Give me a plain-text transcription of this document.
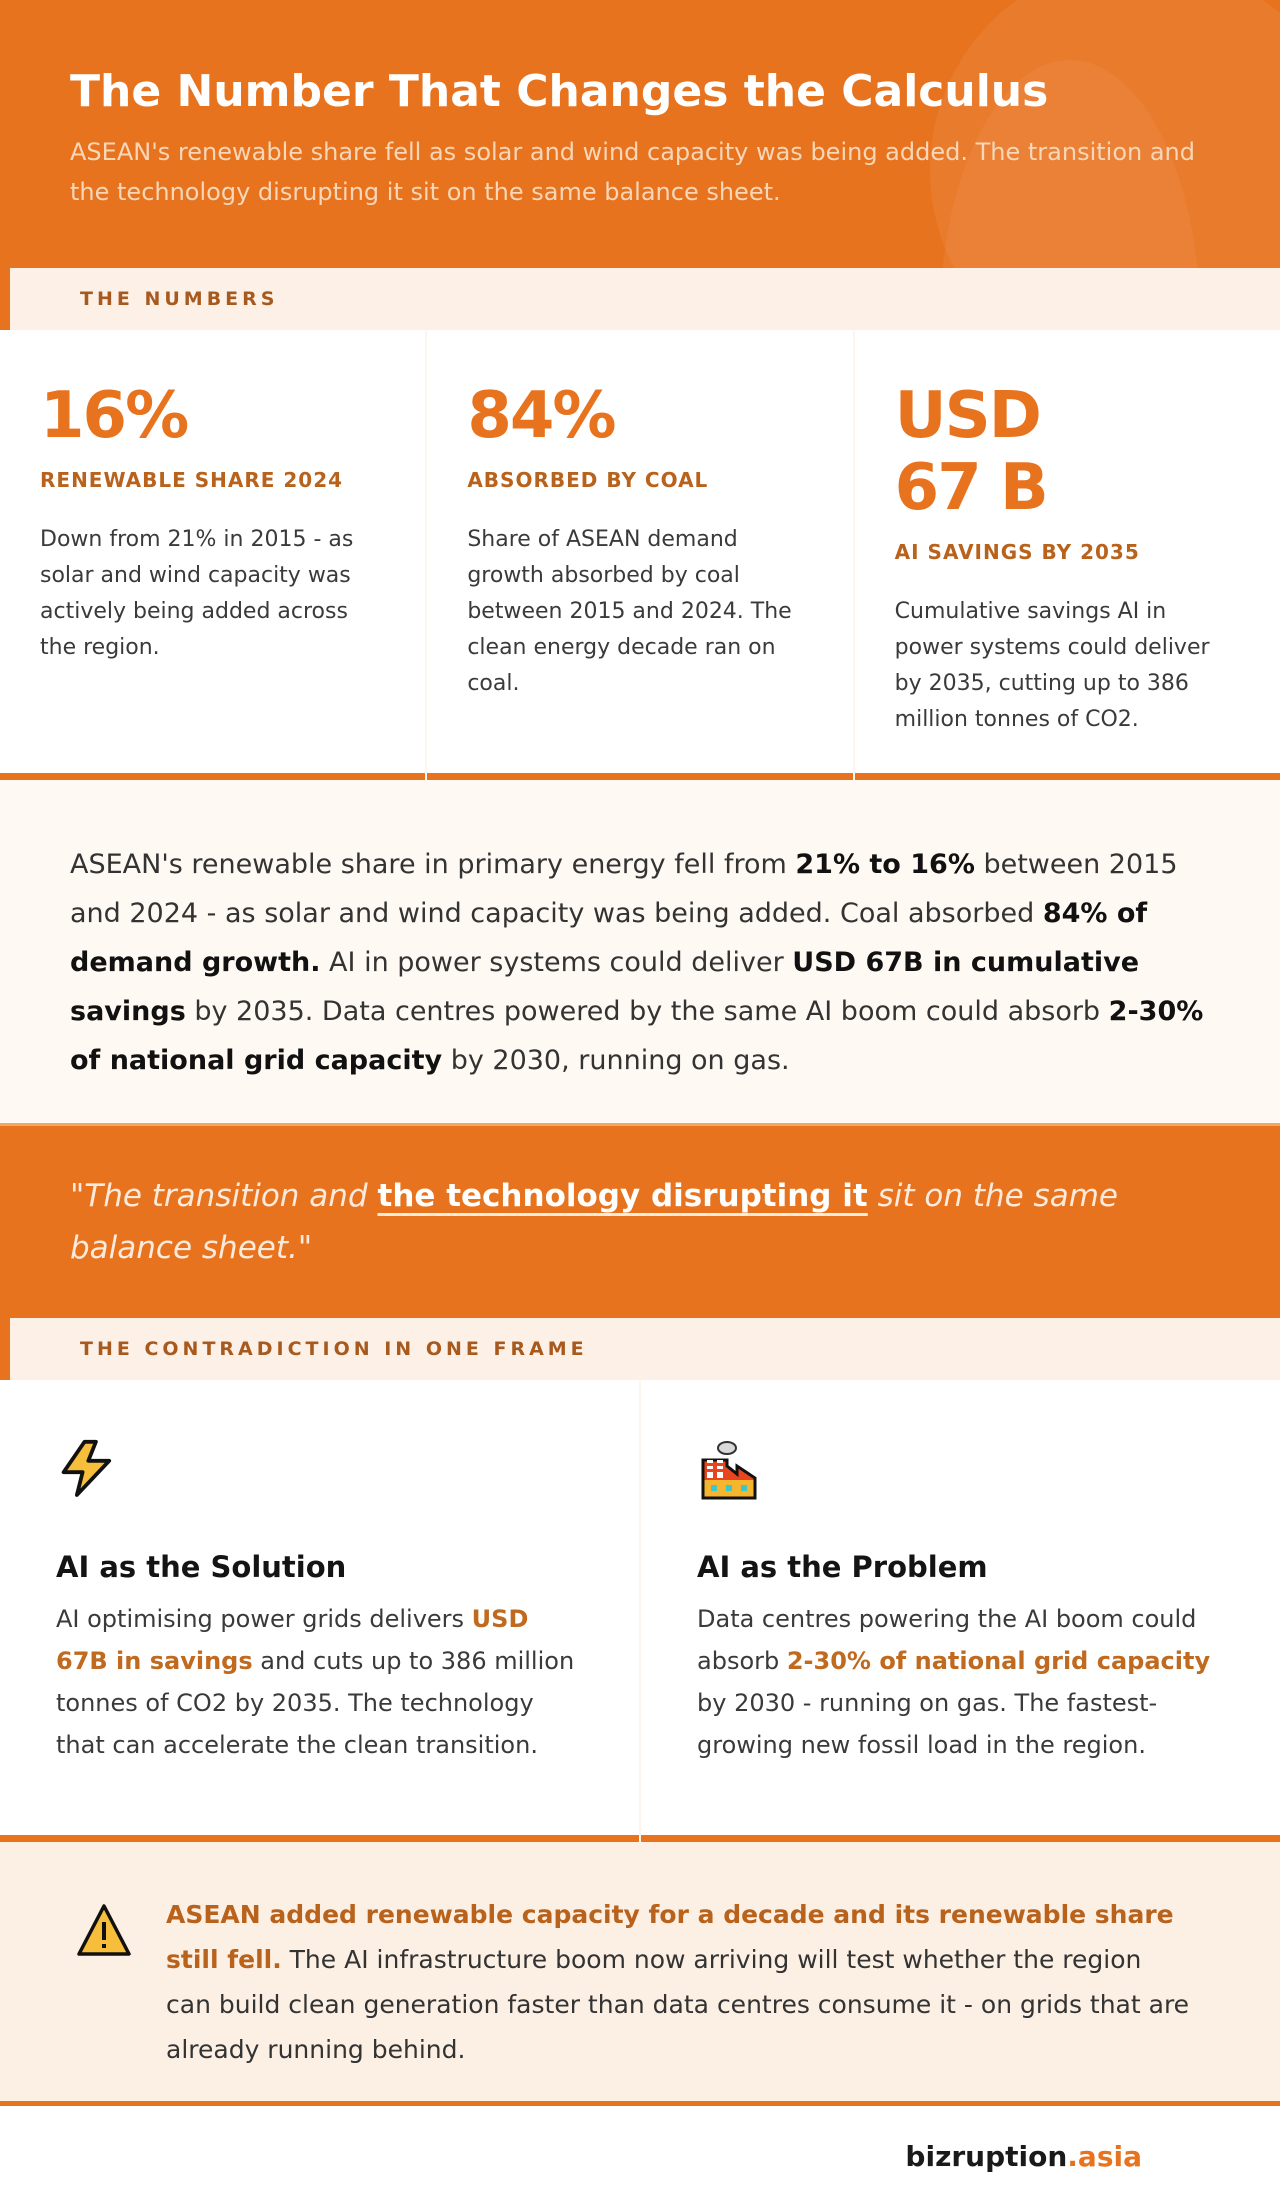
The Number That Changes the Calculus

ASEAN's renewable share fell as solar and wind capacity was being added. The transition and the technology disrupting it sit on the same balance sheet.

THE NUMBERS
16%
RENEWABLE SHARE 2024
Down from 21% in 2015 - as solar and wind capacity was actively being added across the region.
84%
ABSORBED BY COAL
Share of ASEAN demand growth absorbed by coal between 2015 and 2024. The clean energy decade ran on coal.
USD
67 B
AI SAVINGS BY 2035
Cumulative savings AI in power systems could deliver by 2035, cutting up to 386 million tonnes of CO2.

ASEAN's renewable share in primary energy fell from 21% to 16% between 2015 and 2024 - as solar and wind capacity was being added. Coal absorbed 84% of demand growth. AI in power systems could deliver USD 67B in cumulative savings by 2035. Data centres powered by the same AI boom could absorb 2-30% of national grid capacity by 2030, running on gas.

"The transition and the technology disrupting it sit on the same balance sheet."

THE CONTRADICTION IN ONE FRAME
AI as the Solution

AI optimising power grids delivers USD 67B in savings and cuts up to 386 million tonnes of CO2 by 2035. The technology that can accelerate the clean transition.

AI as the Problem

Data centres powering the AI boom could absorb 2-30% of national grid capacity by 2030 - running on gas. The fastest-growing new fossil load in the region.

ASEAN added renewable capacity for a decade and its renewable share still fell. The AI infrastructure boom now arriving will test whether the region can build clean generation faster than data centres consume it - on grids that are already running behind.

bizruption.asia
